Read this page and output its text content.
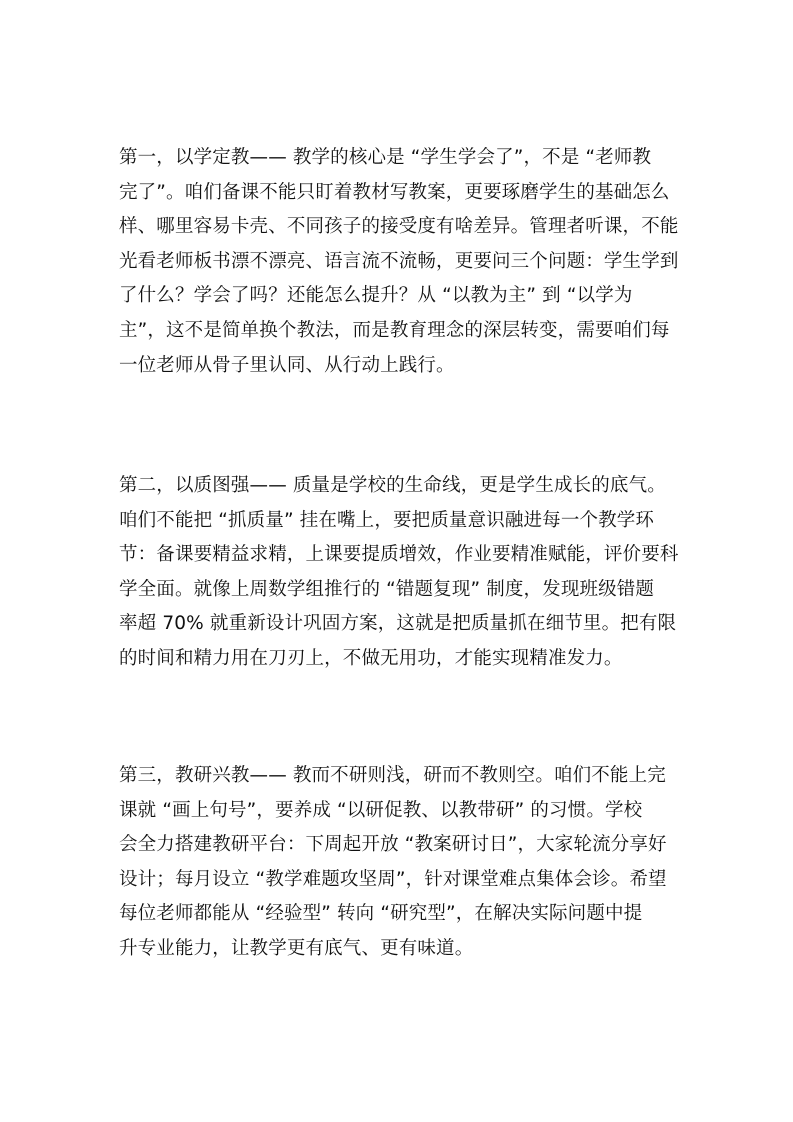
第一，以学定教—— 教学的核心是 “学生学会了”，不是 “老师教
完了”。咱们备课不能只盯着教材写教案，更要琢磨学生的基础怎么
样、哪里容易卡壳、不同孩子的接受度有啥差异。管理者听课，不能
光看老师板书漂不漂亮、语言流不流畅，更要问三个问题：学生学到
了什么？学会了吗？还能怎么提升？从 “以教为主” 到 “以学为
主”，这不是简单换个教法，而是教育理念的深层转变，需要咱们每
一位老师从骨子里认同、从行动上践行。
第二，以质图强—— 质量是学校的生命线，更是学生成长的底气。
咱们不能把 “抓质量” 挂在嘴上，要把质量意识融进每一个教学环
节：备课要精益求精，上课要提质增效，作业要精准赋能，评价要科
学全面。就像上周数学组推行的 “错题复现” 制度，发现班级错题
率超 70% 就重新设计巩固方案，这就是把质量抓在细节里。把有限
的时间和精力用在刀刃上，不做无用功，才能实现精准发力。
第三，教研兴教—— 教而不研则浅，研而不教则空。咱们不能上完
课就 “画上句号”，要养成 “以研促教、以教带研” 的习惯。学校
会全力搭建教研平台：下周起开放 “教案研讨日”，大家轮流分享好
设计；每月设立 “教学难题攻坚周”，针对课堂难点集体会诊。希望
每位老师都能从 “经验型” 转向 “研究型”，在解决实际问题中提
升专业能力，让教学更有底气、更有味道。
